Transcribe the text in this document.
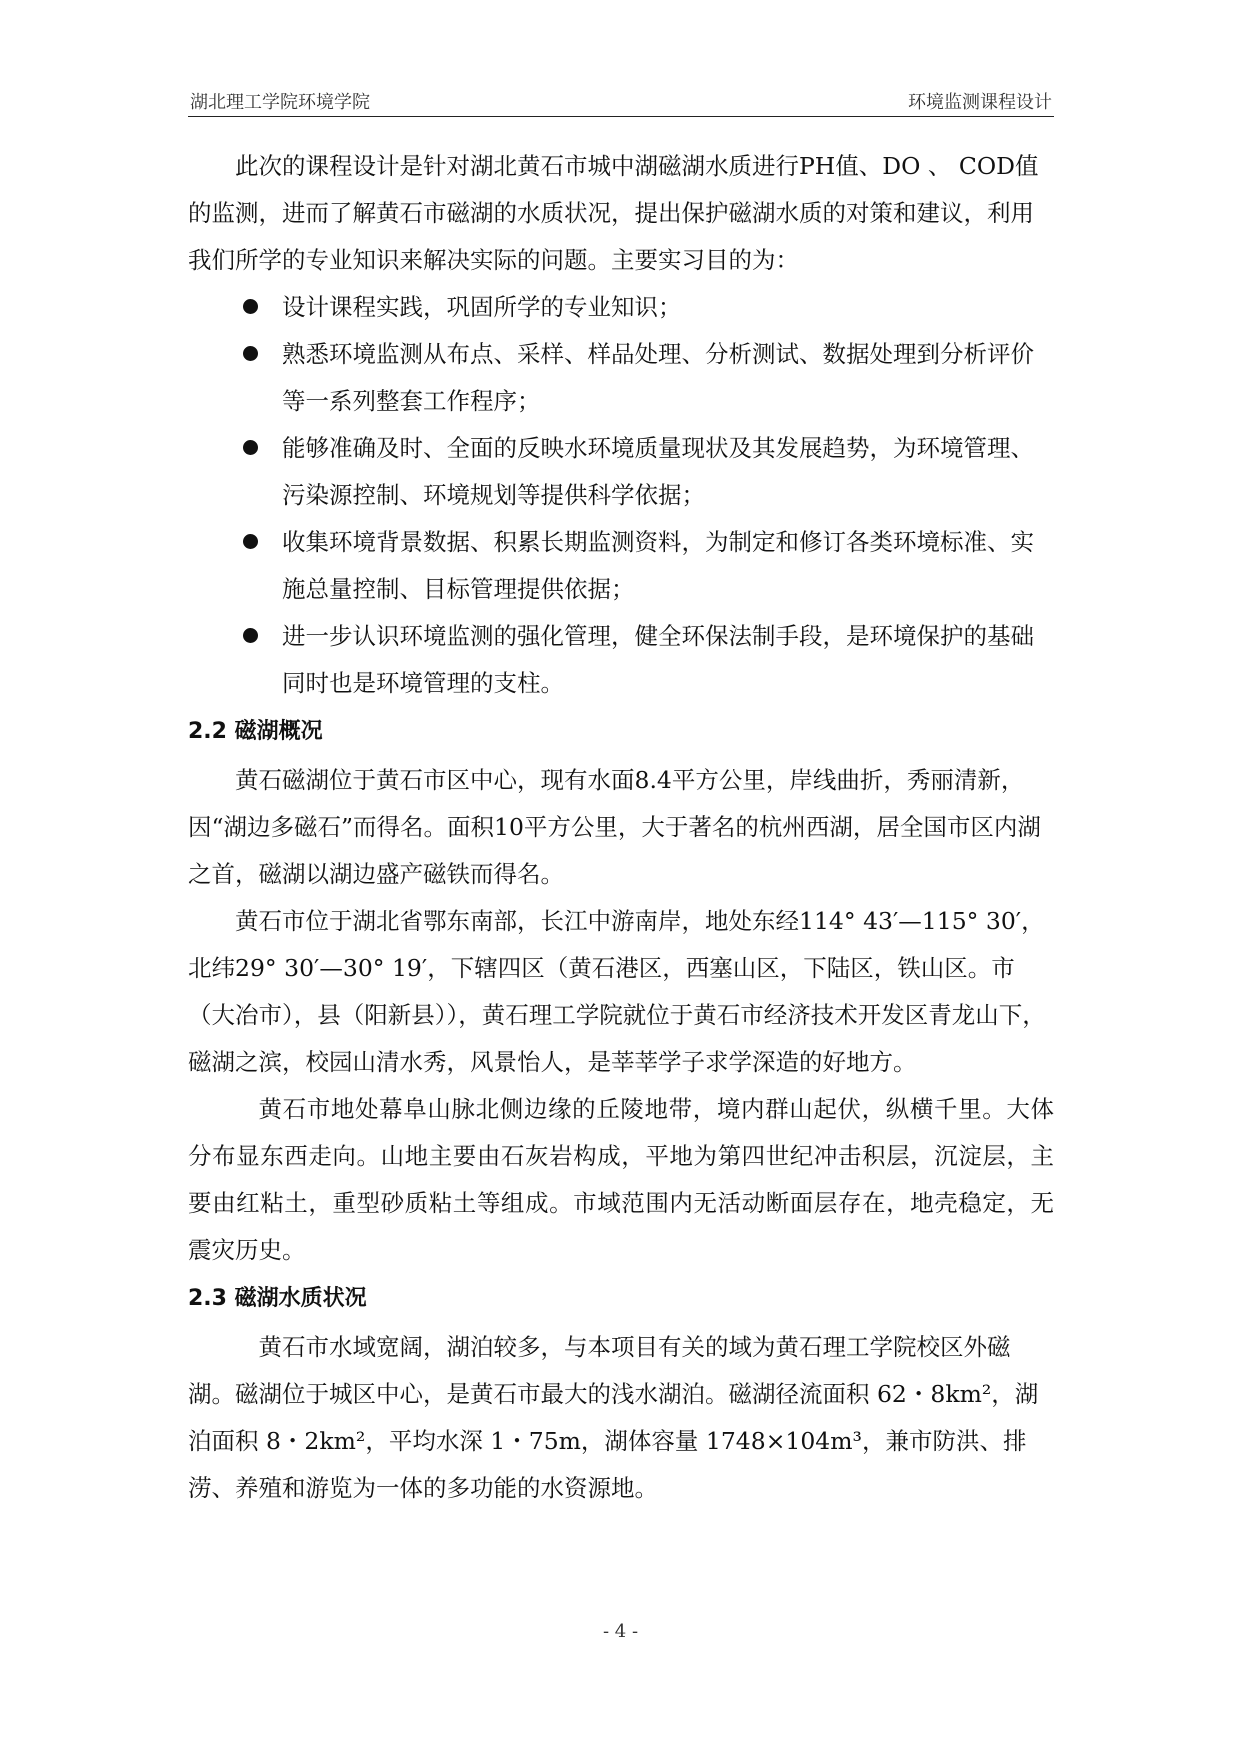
湖北理工学院环境学院	环境监测课程设计

此次的课程设计是针对湖北黄石市城中湖磁湖水质进行PH值、DO 、 COD值的监测，进而了解黄石市磁湖的水质状况，提出保护磁湖水质的对策和建议，利用我们所学的专业知识来解决实际的问题。主要实习目的为：

设计课程实践，巩固所学的专业知识；
熟悉环境监测从布点、采样、样品处理、分析测试、数据处理到分析评价等一系列整套工作程序；
能够准确及时、全面的反映水环境质量现状及其发展趋势，为环境管理、污染源控制、环境规划等提供科学依据；
收集环境背景数据、积累长期监测资料，为制定和修订各类环境标准、实施总量控制、目标管理提供依据；
进一步认识环境监测的强化管理，健全环保法制手段，是环境保护的基础同时也是环境管理的支柱。
2.2 磁湖概况

黄石磁湖位于黄石市区中心，现有水面8.4平方公里，岸线曲折，秀丽清新，因“湖边多磁石”而得名。面积10平方公里，大于著名的杭州西湖，居全国市区内湖之首，磁湖以湖边盛产磁铁而得名。

黄石市位于湖北省鄂东南部，长江中游南岸，地处东经114° 43′—115° 30′，北纬29° 30′—30° 19′，下辖四区（黄石港区，西塞山区，下陆区，铁山区。市（大冶市），县（阳新县）），黄石理工学院就位于黄石市经济技术开发区青龙山下，磁湖之滨，校园山清水秀，风景怡人，是莘莘学子求学深造的好地方。

黄石市地处幕阜山脉北侧边缘的丘陵地带，境内群山起伏，纵横千里。大体分布显东西走向。山地主要由石灰岩构成，平地为第四世纪冲击积层，沉淀层，主要由红粘土，重型砂质粘土等组成。市域范围内无活动断面层存在，地壳稳定，无震灾历史。

2.3 磁湖水质状况

黄石市水域宽阔，湖泊较多，与本项目有关的域为黄石理工学院校区外磁湖。磁湖位于城区中心，是黄石市最大的浅水湖泊。磁湖径流面积 62・8km²，湖泊面积 8・2km²，平均水深 1・75m，湖体容量 1748×104m³，兼市防洪、排涝、养殖和游览为一体的多功能的水资源地。

- 4 -
